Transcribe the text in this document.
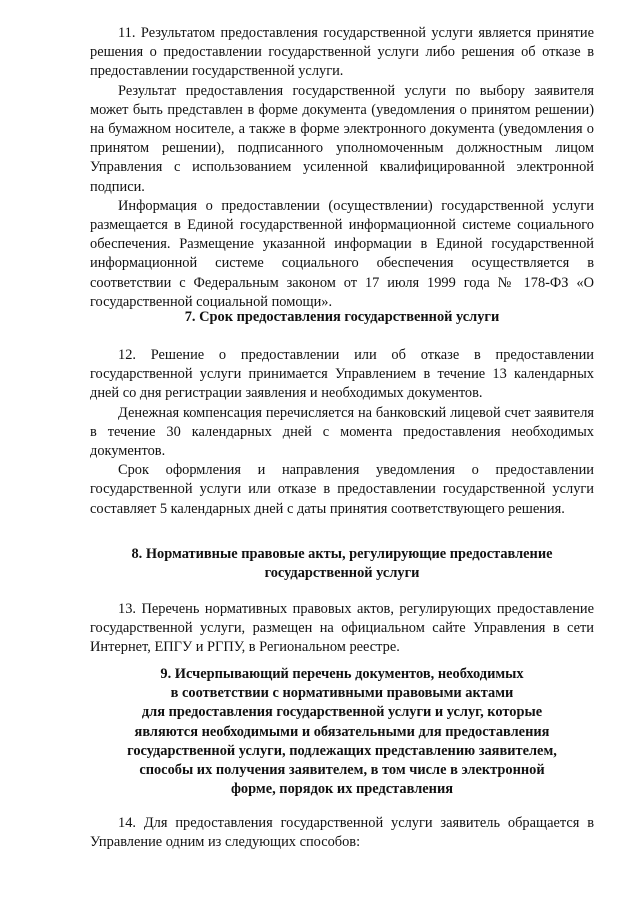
11. Результатом предоставления государственной услуги является принятие решения о предоставлении государственной услуги либо решения об отказе в предоставлении государственной услуги.

Результат предоставления государственной услуги по выбору заявителя может быть представлен в форме документа (уведомления о принятом решении) на бумажном носителе, а также в форме электронного документа (уведомления о принятом решении), подписанного уполномоченным должностным лицом Управления с использованием усиленной квалифицированной электронной подписи.

Информация о предоставлении (осуществлении) государственной услуги размещается в Единой государственной информационной системе социального обеспечения. Размещение указанной информации в Единой государственной информационной системе социального обеспечения осуществляется в соответствии с Федеральным законом от 17 июля 1999 года № 178-ФЗ «О государственной социальной помощи».

7. Срок предоставления государственной услуги

12. Решение о предоставлении или об отказе в предоставлении государственной услуги принимается Управлением в течение 13 календарных дней со дня регистрации заявления и необходимых документов.

Денежная компенсация перечисляется на банковский лицевой счет заявителя в течение 30 календарных дней с момента предоставления необходимых документов.

Срок оформления и направления уведомления о предоставлении государственной услуги или отказе в предоставлении государственной услуги составляет 5 календарных дней с даты принятия соответствующего решения.

8. Нормативные правовые акты, регулирующие предоставление

государственной услуги

13. Перечень нормативных правовых актов, регулирующих предоставление государственной услуги, размещен на официальном сайте Управления в сети Интернет, ЕПГУ и РГПУ, в Региональном реестре.

9. Исчерпывающий перечень документов, необходимых

в соответствии с нормативными правовыми актами

для предоставления государственной услуги и услуг, которые

являются необходимыми и обязательными для предоставления

государственной услуги, подлежащих представлению заявителем,

способы их получения заявителем, в том числе в электронной

форме, порядок их представления

14. Для предоставления государственной услуги заявитель обращается в Управление одним из следующих способов:
